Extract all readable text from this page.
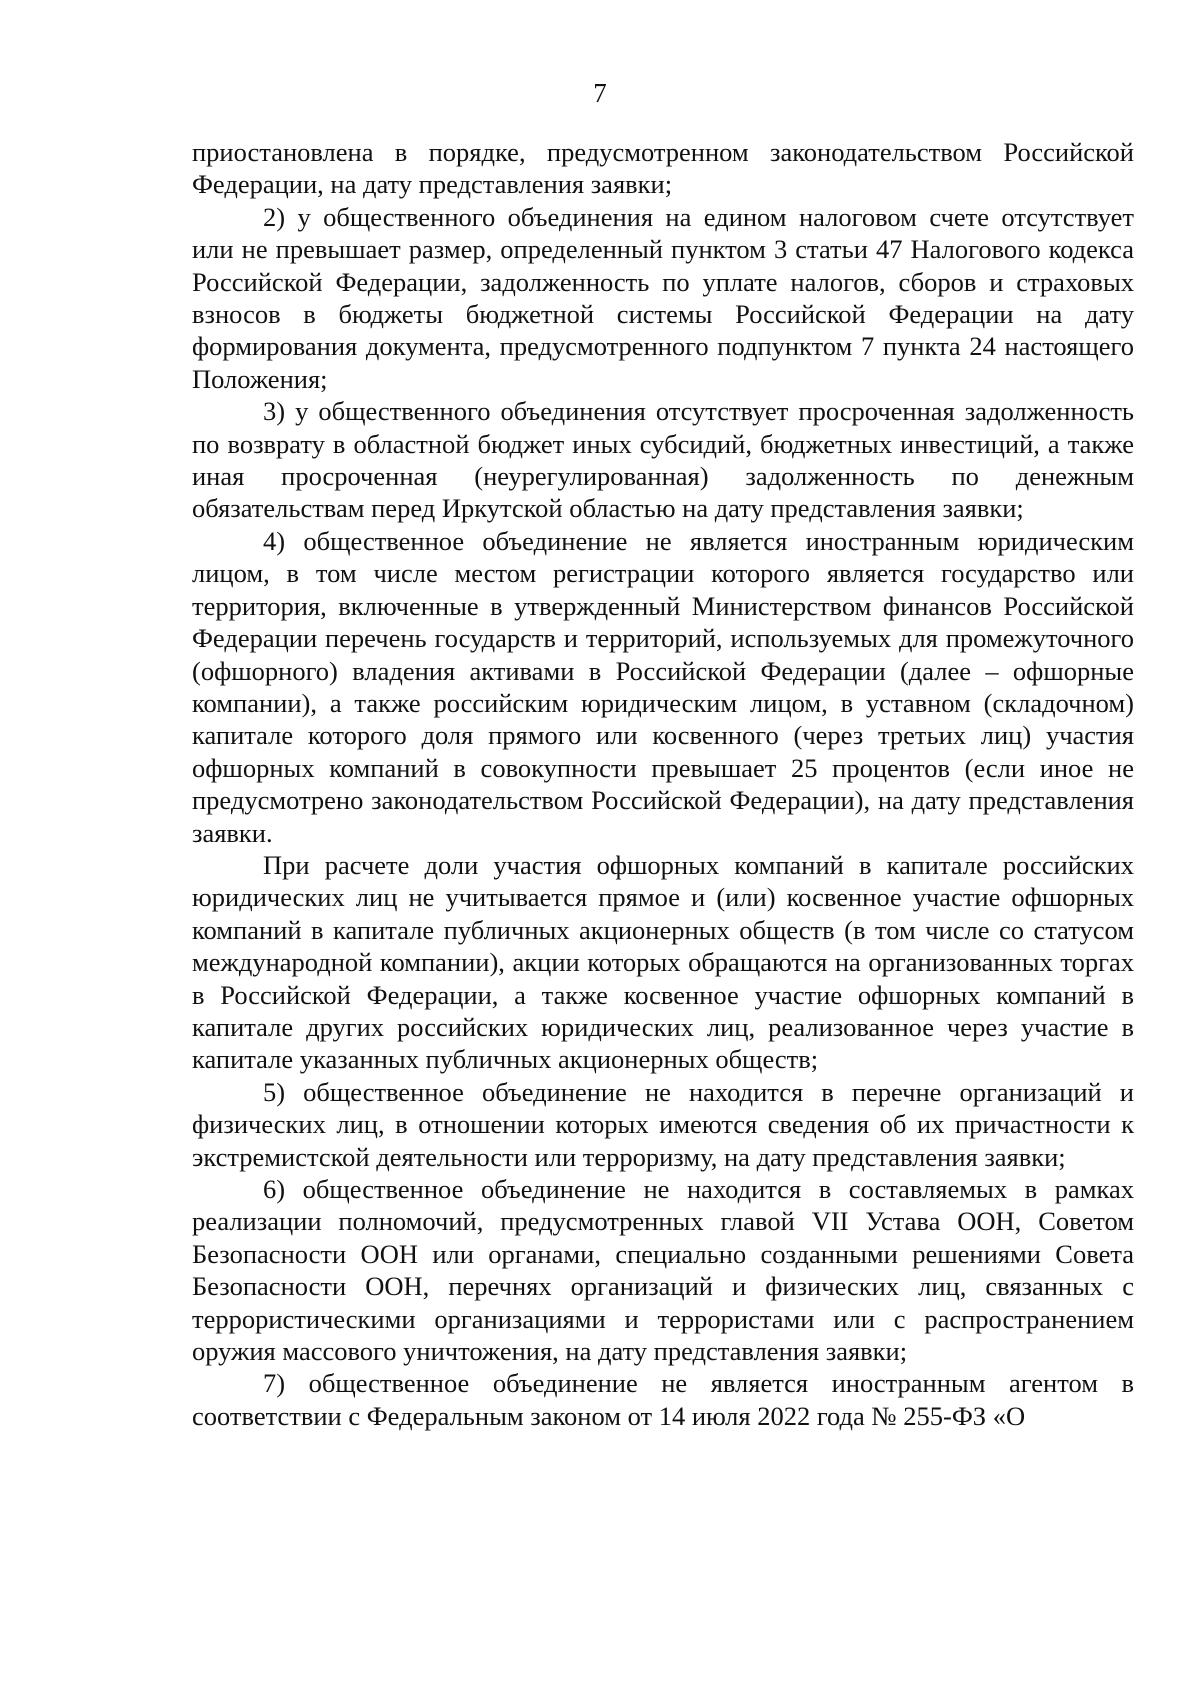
7

приостановлена в порядке, предусмотренном законодательством Российской Федерации, на дату представления заявки;

2) у общественного объединения на едином налоговом счете отсутствует или не превышает размер, определенный пунктом 3 статьи 47 Налогового кодекса Российской Федерации, задолженность по уплате налогов, сборов и страховых взносов в бюджеты бюджетной системы Российской Федерации на дату формирования документа, предусмотренного подпунктом 7 пункта 24 настоящего Положения;

3) у общественного объединения отсутствует просроченная задолженность по возврату в областной бюджет иных субсидий, бюджетных инвестиций, а также иная просроченная (неурегулированная) задолженность по денежным обязательствам перед Иркутской областью на дату представления заявки;

4) общественное объединение не является иностранным юридическим лицом, в том числе местом регистрации которого является государство или территория, включенные в утвержденный Министерством финансов Российской Федерации перечень государств и территорий, используемых для промежуточного (офшорного) владения активами в Российской Федерации (далее – офшорные компании), а также российским юридическим лицом, в уставном (складочном) капитале которого доля прямого или косвенного (через третьих лиц) участия офшорных компаний в совокупности превышает 25 процентов (если иное не предусмотрено законодательством Российской Федерации), на дату представления заявки.

При расчете доли участия офшорных компаний в капитале российских юридических лиц не учитывается прямое и (или) косвенное участие офшорных компаний в капитале публичных акционерных обществ (в том числе со статусом международной компании), акции которых обращаются на организованных торгах в Российской Федерации, а также косвенное участие офшорных компаний в капитале других российских юридических лиц, реализованное через участие в капитале указанных публичных акционерных обществ;

5) общественное объединение не находится в перечне организаций и физических лиц, в отношении которых имеются сведения об их причастности к экстремистской деятельности или терроризму, на дату представления заявки;

6) общественное объединение не находится в составляемых в рамках реализации полномочий, предусмотренных главой VII Устава ООН, Советом Безопасности ООН или органами, специально созданными решениями Совета Безопасности ООН, перечнях организаций и физических лиц, связанных с террористическими организациями и террористами или с распространением оружия массового уничтожения, на дату представления заявки;

7) общественное объединение не является иностранным агентом в соответствии с Федеральным законом от 14 июля 2022 года № 255-ФЗ «О
